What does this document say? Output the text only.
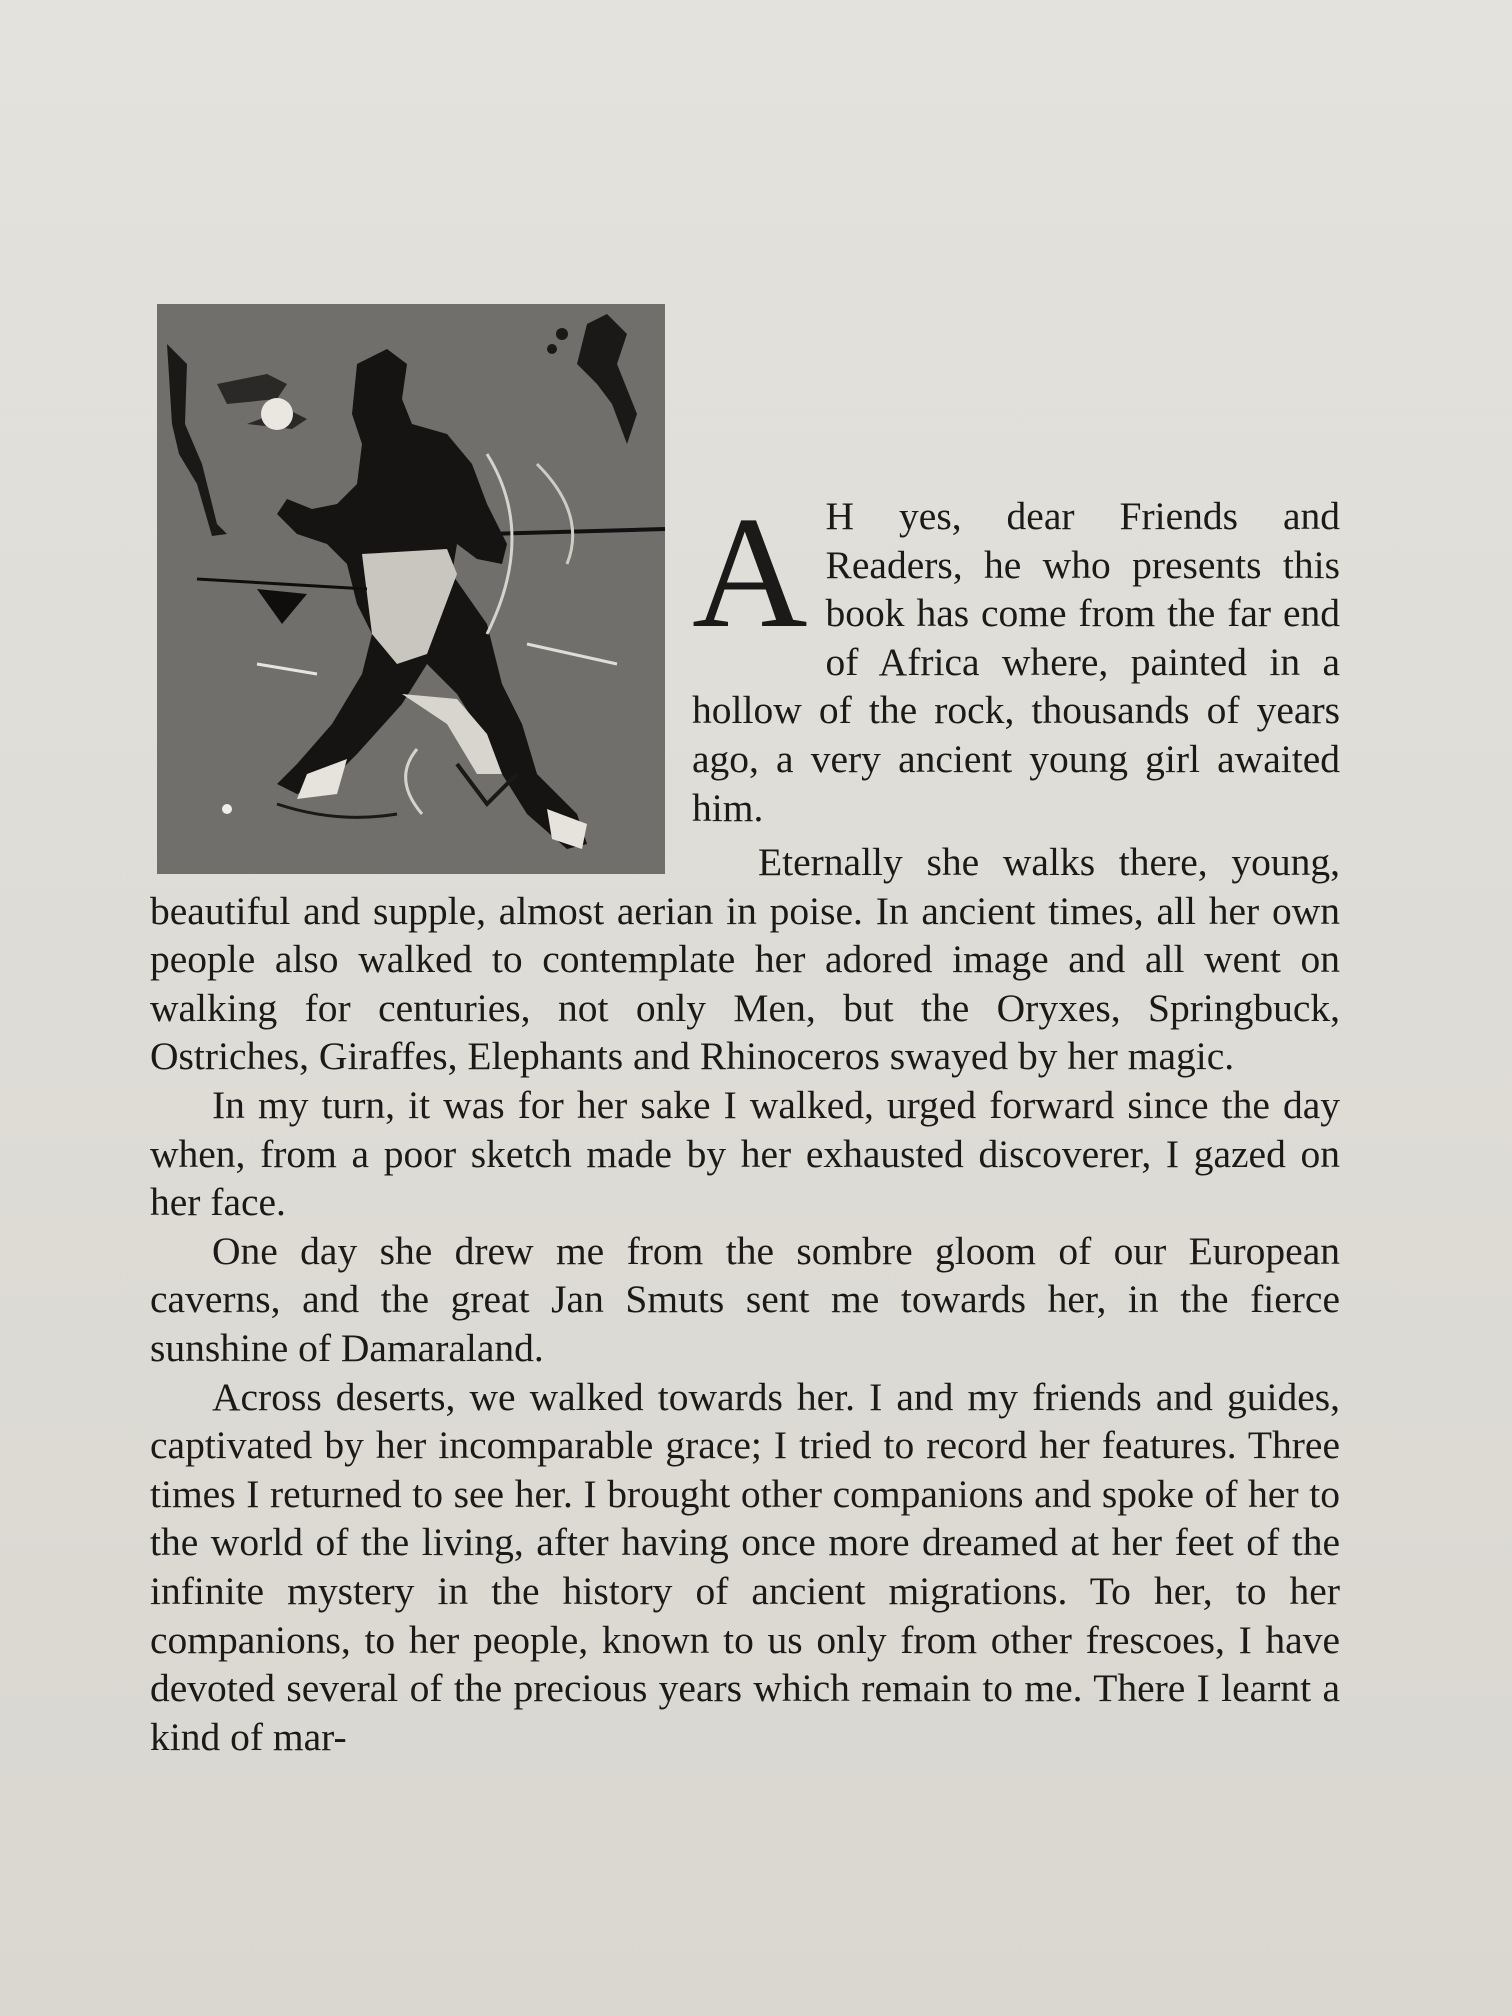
A H yes, dear Friends and Readers, he who presents this book has come from the far end of Africa where, painted in a hollow of the rock, thousands of years ago, a very ancient young girl awaited him.

Eternally she walks there, young, beautiful and supple, almost aerian in poise. In ancient times, all her own people also walked to contemplate her adored image and all went on walking for centuries, not only Men, but the Oryxes, Springbuck, Ostriches, Giraffes, Elephants and Rhinoceros swayed by her magic.

In my turn, it was for her sake I walked, urged forward since the day when, from a poor sketch made by her exhausted discoverer, I gazed on her face.

One day she drew me from the sombre gloom of our European caverns, and the great Jan Smuts sent me towards her, in the fierce sunshine of Damaraland.

Across deserts, we walked towards her. I and my friends and guides, captivated by her incomparable grace; I tried to record her features. Three times I returned to see her. I brought other companions and spoke of her to the world of the living, after having once more dreamed at her feet of the infinite mystery in the history of ancient migrations. To her, to her companions, to her people, known to us only from other frescoes, I have devoted several of the precious years which remain to me. There I learnt a kind of mar-
